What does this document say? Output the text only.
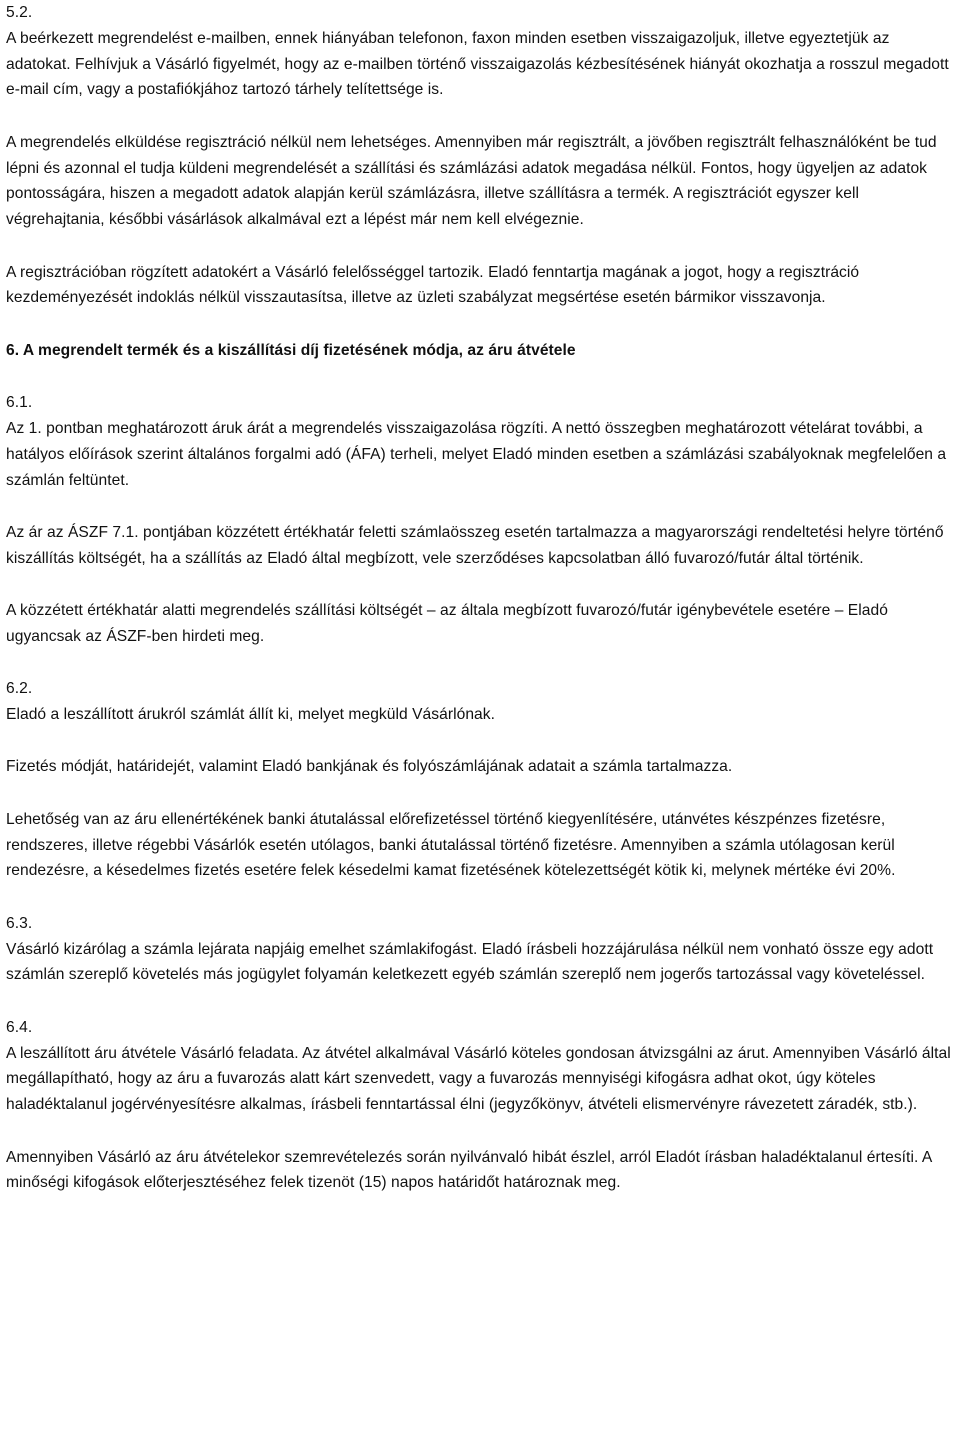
5.2.

A beérkezett megrendelést e-mailben, ennek hiányában telefonon, faxon minden esetben visszaigazoljuk, illetve egyeztetjük az adatokat. Felhívjuk a Vásárló figyelmét, hogy az e-mailben történő visszaigazolás kézbesítésének hiányát okozhatja a rosszul megadott e-mail cím, vagy a postafiókjához tartozó tárhely telítettsége is.

A megrendelés elküldése regisztráció nélkül nem lehetséges. Amennyiben már regisztrált, a jövőben regisztrált felhasználóként be tud lépni és azonnal el tudja küldeni megrendelését a szállítási és számlázási adatok megadása nélkül. Fontos, hogy ügyeljen az adatok pontosságára, hiszen a megadott adatok alapján kerül számlázásra, illetve szállításra a termék. A regisztrációt egyszer kell végrehajtania, későbbi vásárlások alkalmával ezt a lépést már nem kell elvégeznie.

A regisztrációban rögzített adatokért a Vásárló felelősséggel tartozik. Eladó fenntartja magának a jogot, hogy a regisztráció kezdeményezését indoklás nélkül visszautasítsa, illetve az üzleti szabályzat megsértése esetén bármikor visszavonja.

6. A megrendelt termék és a kiszállítási díj fizetésének módja, az áru átvétele

6.1.

Az 1. pontban meghatározott áruk árát a megrendelés visszaigazolása rögzíti. A nettó összegben meghatározott vételárat további, a hatályos előírások szerint általános forgalmi adó (ÁFA) terheli, melyet Eladó minden esetben a számlázási szabályoknak megfelelően a számlán feltüntet.

Az ár az ÁSZF 7.1. pontjában közzétett értékhatár feletti számlaösszeg esetén tartalmazza a magyarországi rendeltetési helyre történő kiszállítás költségét, ha a szállítás az Eladó által megbízott, vele szerződéses kapcsolatban álló fuvarozó/futár által történik.

A közzétett értékhatár alatti megrendelés szállítási költségét – az általa megbízott fuvarozó/futár igénybevétele esetére – Eladó ugyancsak az ÁSZF-ben hirdeti meg.

6.2.

Eladó a leszállított árukról számlát állít ki, melyet megküld Vásárlónak.

Fizetés módját, határidejét, valamint Eladó bankjának és folyószámlájának adatait a számla tartalmazza.

Lehetőség van az áru ellenértékének banki átutalással előrefizetéssel történő kiegyenlítésére, utánvétes készpénzes fizetésre, rendszeres, illetve régebbi Vásárlók esetén utólagos, banki átutalással történő fizetésre. Amennyiben a számla utólagosan kerül rendezésre, a késedelmes fizetés esetére felek késedelmi kamat fizetésének kötelezettségét kötik ki, melynek mértéke évi 20%.

6.3.

Vásárló kizárólag a számla lejárata napjáig emelhet számlakifogást. Eladó írásbeli hozzájárulása nélkül nem vonható össze egy adott számlán szereplő követelés más jogügylet folyamán keletkezett egyéb számlán szereplő nem jogerős tartozással vagy követeléssel.

6.4.

A leszállított áru átvétele Vásárló feladata. Az átvétel alkalmával Vásárló köteles gondosan átvizsgálni az árut. Amennyiben Vásárló által megállapítható, hogy az áru a fuvarozás alatt kárt szenvedett, vagy a fuvarozás mennyiségi kifogásra adhat okot, úgy köteles haladéktalanul jogérvényesítésre alkalmas, írásbeli fenntartással élni (jegyzőkönyv, átvételi elismervényre rávezetett záradék, stb.).

Amennyiben Vásárló az áru átvételekor szemrevételezés során nyilvánvaló hibát észlel, arról Eladót írásban haladéktalanul értesíti. A minőségi kifogások előterjesztéséhez felek tizenöt (15) napos határidőt határoznak meg.
